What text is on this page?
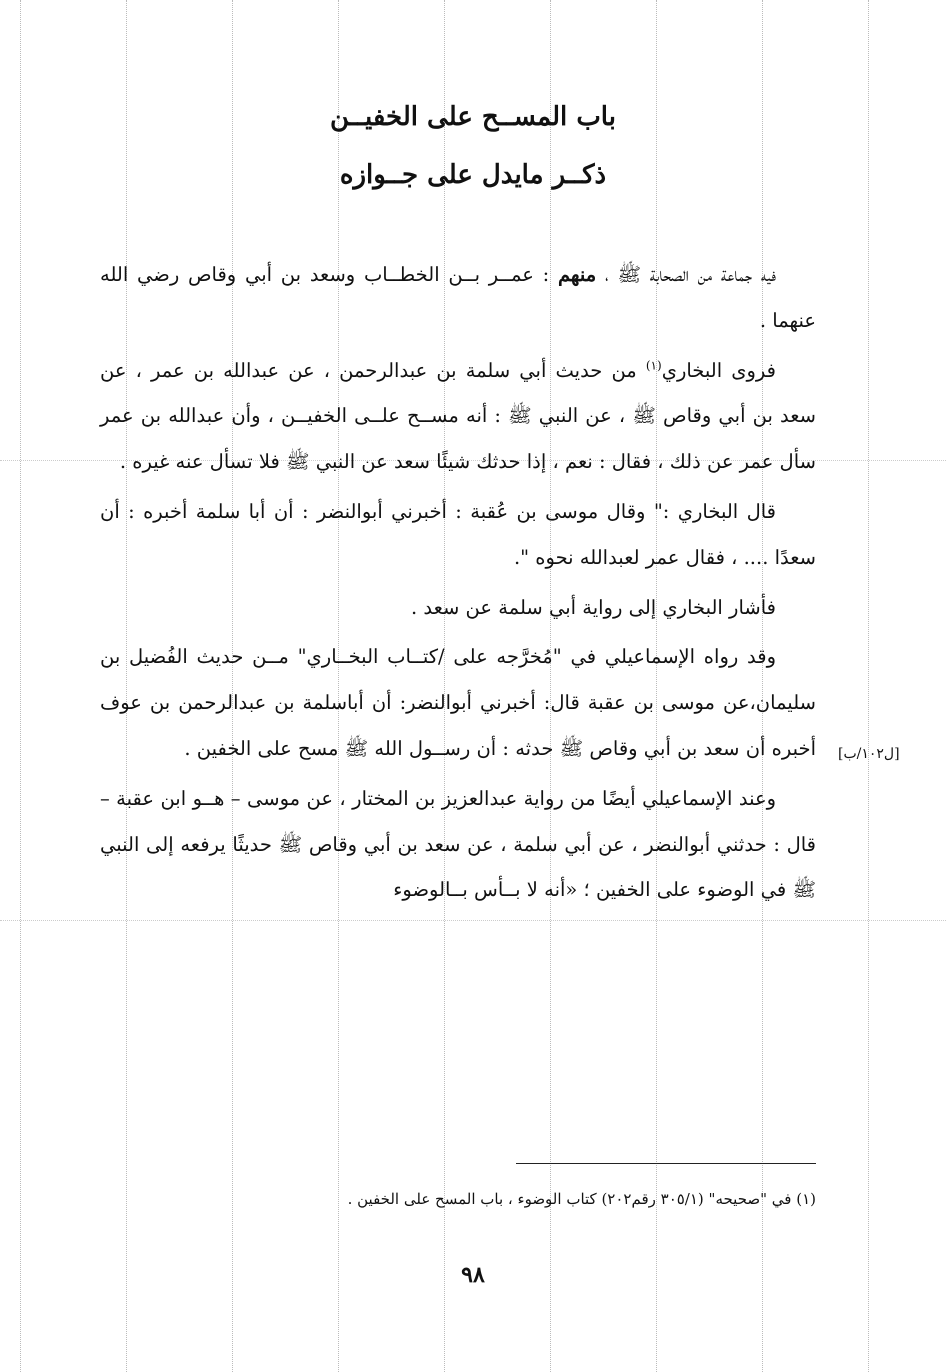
باب المســح على الخفيــن
ذكــر مايدل على جــوازه

فيه جماعة من الصحابة ﷺ ، منهم : عمــر بــن الخطــاب وسعد بن أبي وقاص رضي الله عنهما .

فروى البخاري$^{(١)}$ من حديث أبي سلمة بن عبدالرحمن ، عن عبدالله بن عمر ، عن سعد بن أبي وقاص ﷺ ، عن النبي ﷺ : أنه مســح علــى الخفيــن ، وأن عبدالله بن عمر سأل عمر عن ذلك ، فقال : نعم ، إذا حدثك شيئًا سعد عن النبي ﷺ فلا تسأل عنه غيره .

قال البخاري :" وقال موسى بن عُقبة : أخبرني أبوالنضر : أن أبا سلمة أخبره : أن سعدًا .... ، فقال عمر لعبدالله نحوه ".

فأشار البخاري إلى رواية أبي سلمة عن سعد .

وقد رواه الإسماعيلي في "مُخرَّجه على /كتــاب البخــاري" مــن حديث الفُضيل بن سليمان،عن موسى بن عقبة قال: أخبرني أبوالنضر: أن أباسلمة بن عبدالرحمن بن عوف أخبره أن سعد بن أبي وقاص ﷺ حدثه : أن رســول الله ﷺ مسح على الخفين .

وعند الإسماعيلي أيضًا من رواية عبدالعزيز بن المختار ، عن موسى – هــو ابن عقبة – قال : حدثني أبوالنضر ، عن أبي سلمة ، عن سعد بن أبي وقاص ﷺ حديثًا يرفعه إلى النبي ﷺ في الوضوء على الخفين ؛ «أنه لا بــأس بــالوضوء

[ل١٠٢/ب]
(١) في "صحيحه" (٣٠٥/١ رقم٢٠٢) كتاب الوضوء ، باب المسح على الخفين .
٩٨
